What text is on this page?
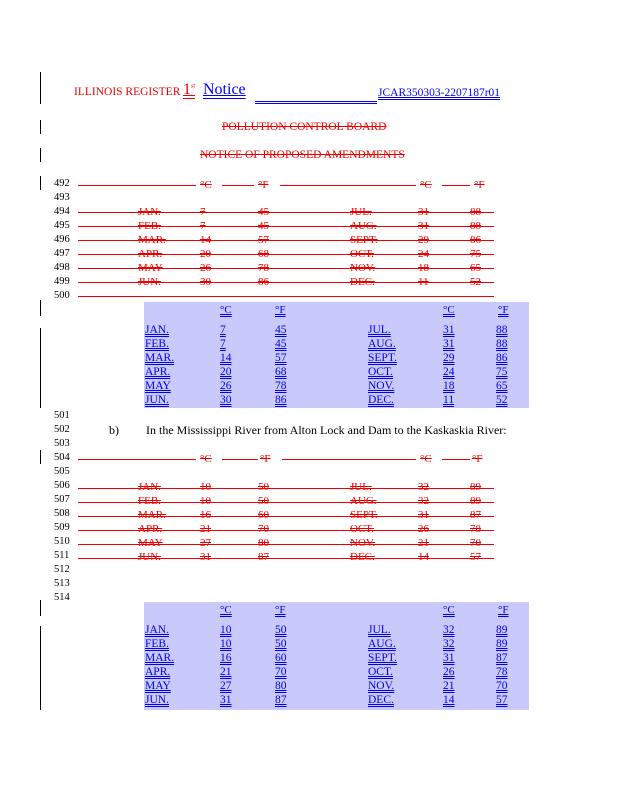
ILLINOIS REGISTER 1st Notice	JCAR350303-2207187r01
POLLUTION CONTROL BOARD
NOTICE OF PROPOSED AMENDMENTS
492
493
494
495
496
497
498
499
500
501
502
503
504
505
506
507
508
509
510
511
512
513
514
°C	°F	°C	°F
JAN.	7	45	JUL.	31	88
FEB.	7	45	AUG.	31	88
MAR.	14	57	SEPT.	29	86
APR.	20	68	OCT.	24	75
MAY	26	78	NOV.	18	65
JUN.	30	86	DEC.	11	52
°C	°F	°C	°F
JAN.	7	45	JUL.	31	88
FEB.	7	45	AUG.	31	88
MAR.	14	57	SEPT.	29	86
APR.	20	68	OCT.	24	75
MAY	26	78	NOV.	18	65
JUN.	30	86	DEC.	11	52
b) In the Mississippi River from Alton Lock and Dam to the Kaskaskia River:
°C	°F	°C	°F
JAN.	10	50	JUL.	32	89
FEB.	10	50	AUG.	32	89
MAR.	16	60	SEPT.	31	87
APR.	21	70	OCT.	26	78
MAY	27	80	NOV.	21	70
JUN.	31	87	DEC.	14	57
°C	°F	°C	°F
JAN.	10	50	JUL.	32	89
FEB.	10	50	AUG.	32	89
MAR.	16	60	SEPT.	31	87
APR.	21	70	OCT.	26	78
MAY	27	80	NOV.	21	70
JUN.	31	87	DEC.	14	57
